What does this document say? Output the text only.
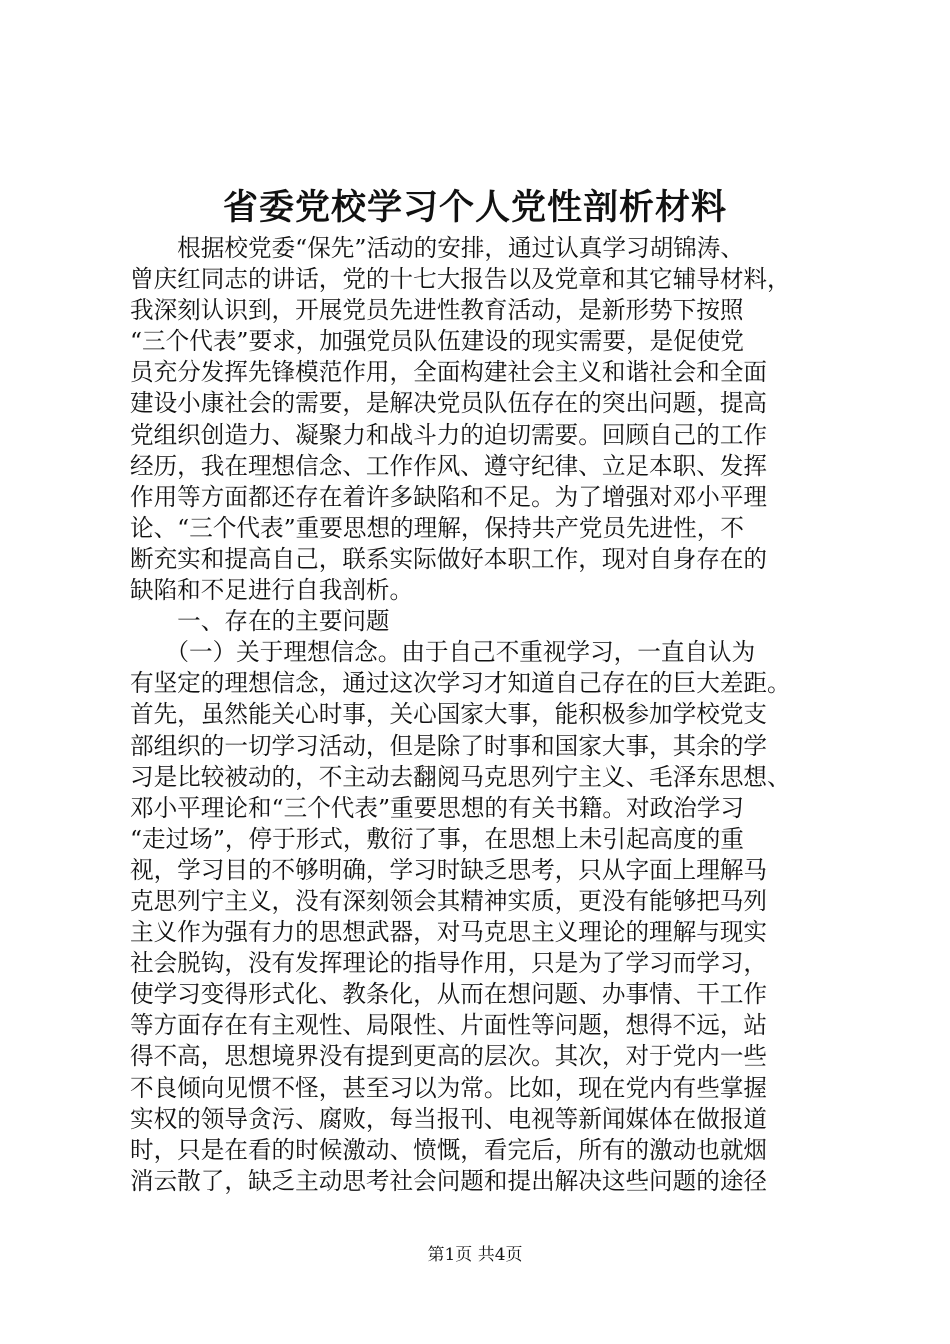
省委党校学习个人党性剖析材料
　　根据校党委“保先”活动的安排，通过认真学习胡锦涛、
曾庆红同志的讲话，党的十七大报告以及党章和其它辅导材料，
我深刻认识到，开展党员先进性教育活动，是新形势下按照
“三个代表”要求，加强党员队伍建设的现实需要，是促使党
员充分发挥先锋模范作用，全面构建社会主义和谐社会和全面
建设小康社会的需要，是解决党员队伍存在的突出问题，提高
党组织创造力、凝聚力和战斗力的迫切需要。回顾自己的工作
经历，我在理想信念、工作作风、遵守纪律、立足本职、发挥
作用等方面都还存在着许多缺陷和不足。为了增强对邓小平理
论、“三个代表”重要思想的理解，保持共产党员先进性，不
断充实和提高自己，联系实际做好本职工作，现对自身存在的
缺陷和不足进行自我剖析。
　　一、存在的主要问题
　　（一）关于理想信念。由于自己不重视学习，一直自认为
有坚定的理想信念，通过这次学习才知道自己存在的巨大差距。
首先，虽然能关心时事，关心国家大事，能积极参加学校党支
部组织的一切学习活动，但是除了时事和国家大事，其余的学
习是比较被动的，不主动去翻阅马克思列宁主义、毛泽东思想、
邓小平理论和“三个代表”重要思想的有关书籍。对政治学习
“走过场”，停于形式，敷衍了事，在思想上未引起高度的重
视，学习目的不够明确，学习时缺乏思考，只从字面上理解马
克思列宁主义，没有深刻领会其精神实质，更没有能够把马列
主义作为强有力的思想武器，对马克思主义理论的理解与现实
社会脱钩，没有发挥理论的指导作用，只是为了学习而学习，
使学习变得形式化、教条化，从而在想问题、办事情、干工作
等方面存在有主观性、局限性、片面性等问题，想得不远，站
得不高，思想境界没有提到更高的层次。其次，对于党内一些
不良倾向见惯不怪，甚至习以为常。比如，现在党内有些掌握
实权的领导贪污、腐败，每当报刊、电视等新闻媒体在做报道
时，只是在看的时候激动、愤慨，看完后，所有的激动也就烟
消云散了，缺乏主动思考社会问题和提出解决这些问题的途径
第1页 共4页
